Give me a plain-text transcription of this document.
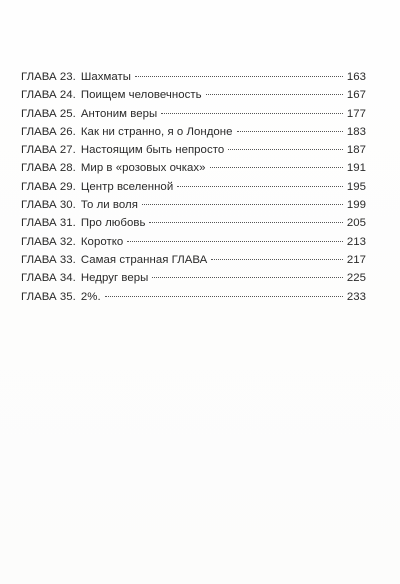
ГЛАВА 23. Шахматы	163
ГЛАВА 24. Поищем человечность	167
ГЛАВА 25. Антоним веры	177
ГЛАВА 26. Как ни странно, я о Лондоне	183
ГЛАВА 27. Настоящим быть непросто	187
ГЛАВА 28. Мир в «розовых очках»	191
ГЛАВА 29. Центр вселенной	195
ГЛАВА 30. То ли воля	199
ГЛАВА 31. Про любовь	205
ГЛАВА 32. Коротко	213
ГЛАВА 33. Самая странная ГЛАВА	217
ГЛАВА 34. Недруг веры	225
ГЛАВА 35. 2%.	233
